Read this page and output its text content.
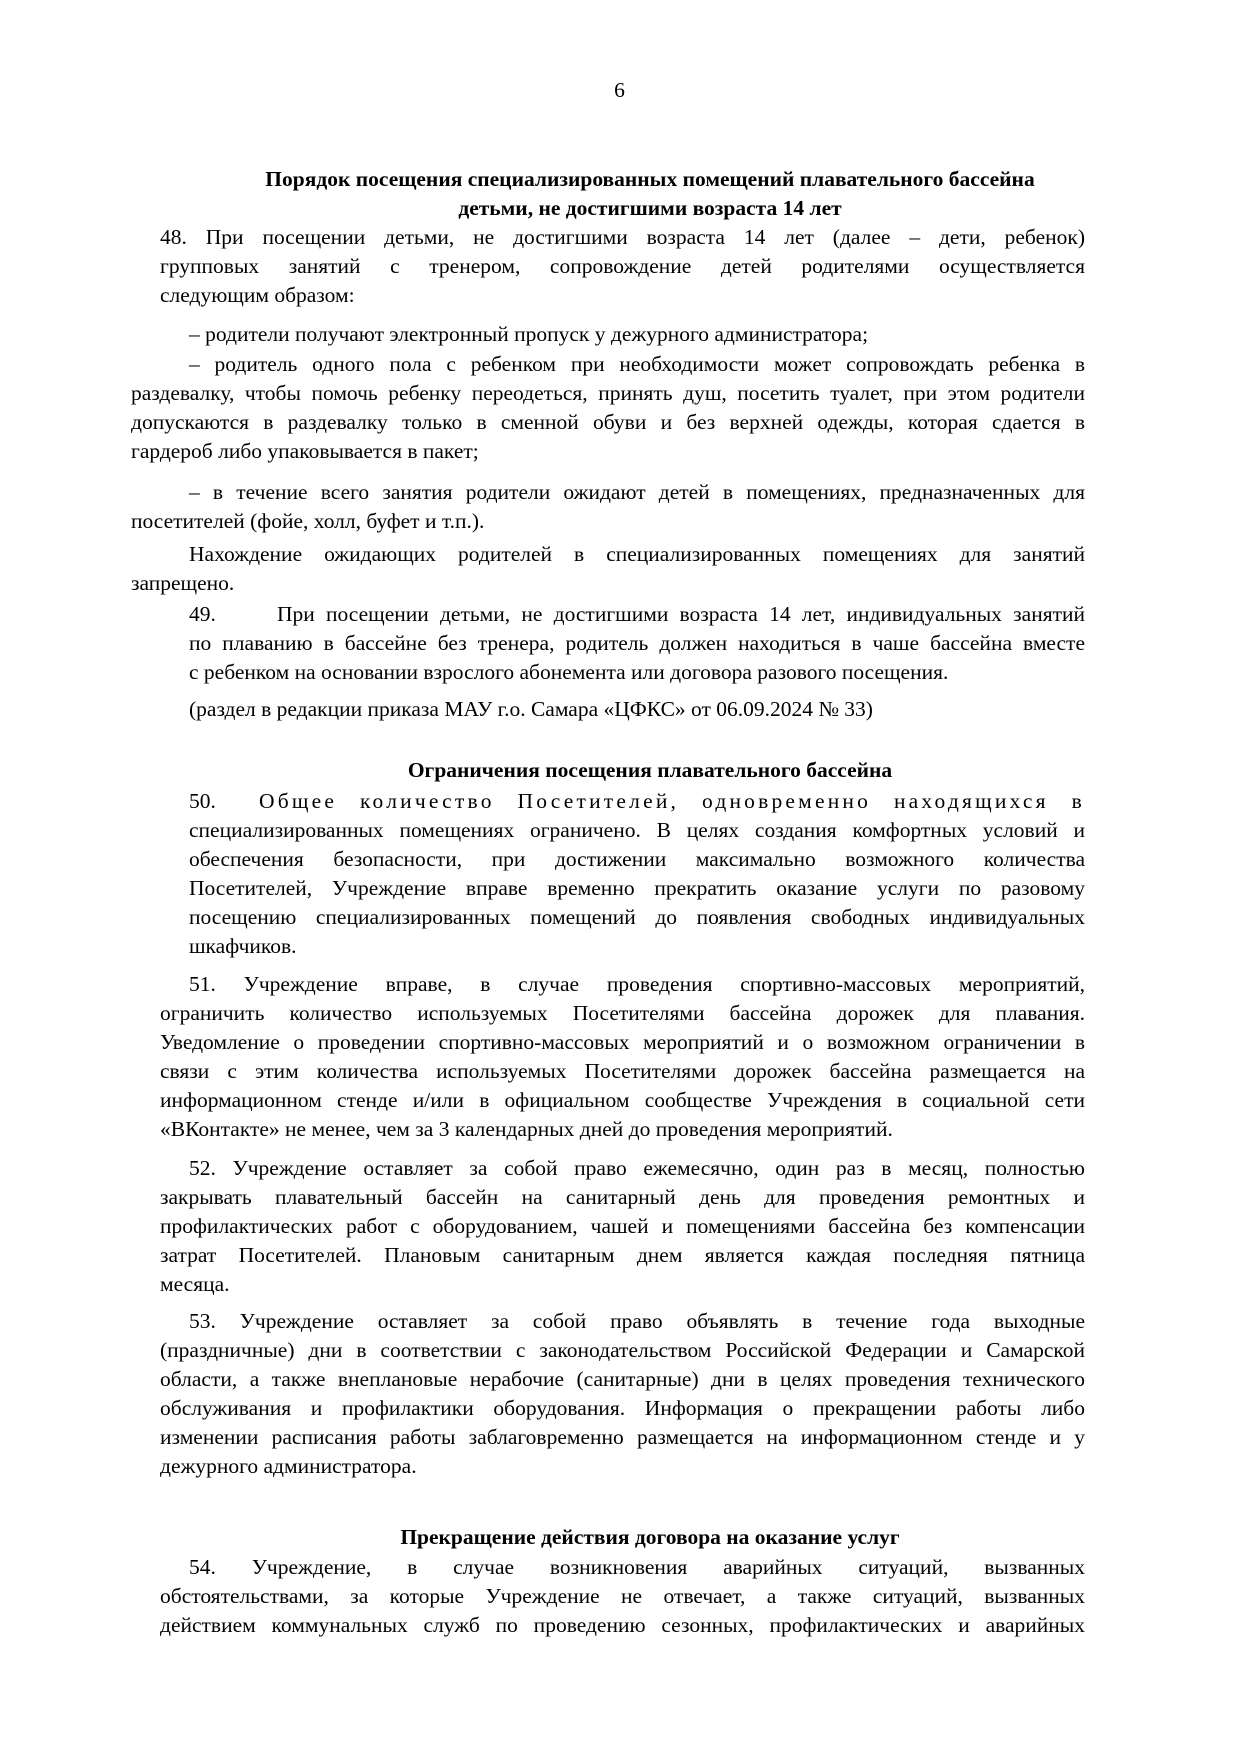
6
Порядок посещения специализированных помещений плавательного бассейна
детьми, не достигшими возраста 14 лет
48. При посещении детьми, не достигшими возраста 14 лет (далее – дети, ребенок)
групповых занятий с тренером, сопровождение детей родителями осуществляется
следующим образом:
– родители получают электронный пропуск у дежурного администратора;
– родитель одного пола с ребенком при необходимости может сопровождать ребенка в
раздевалку, чтобы помочь ребенку переодеться, принять душ, посетить туалет, при этом родители
допускаются в раздевалку только в сменной обуви и без верхней одежды, которая сдается в
гардероб либо упаковывается в пакет;
– в течение всего занятия родители ожидают детей в помещениях, предназначенных для
посетителей (фойе, холл, буфет и т.п.).
Нахождение ожидающих родителей в специализированных помещениях для занятий
запрещено.
49.	При посещении детьми, не достигшими возраста 14 лет, индивидуальных занятий
по плаванию в бассейне без тренера, родитель должен находиться в чаше бассейна вместе
с ребенком на основании взрослого абонемента или договора разового посещения.
(раздел в редакции приказа МАУ г.о. Самара «ЦФКС» от 06.09.2024 № 33)
Ограничения посещения плавательного бассейна
50. Общее количество Посетителей, одновременно находящихся в
специализированных помещениях ограничено. В целях создания комфортных условий и
обеспечения безопасности, при достижении максимально возможного количества
Посетителей, Учреждение вправе временно прекратить оказание услуги по разовому
посещению специализированных помещений до появления свободных индивидуальных
шкафчиков.
51. Учреждение вправе, в случае проведения спортивно-массовых мероприятий,
ограничить количество используемых Посетителями бассейна дорожек для плавания.
Уведомление о проведении спортивно-массовых мероприятий и о возможном ограничении в
связи с этим количества используемых Посетителями дорожек бассейна размещается на
информационном стенде и/или в официальном сообществе Учреждения в социальной сети
«ВКонтакте» не менее, чем за 3 календарных дней до проведения мероприятий.
52. Учреждение оставляет за собой право ежемесячно, один раз в месяц, полностью
закрывать плавательный бассейн на санитарный день для проведения ремонтных и
профилактических работ с оборудованием, чашей и помещениями бассейна без компенсации
затрат Посетителей. Плановым санитарным днем является каждая последняя пятница
месяца.
53. Учреждение оставляет за собой право объявлять в течение года выходные
(праздничные) дни в соответствии с законодательством Российской Федерации и Самарской
области, а также внеплановые нерабочие (санитарные) дни в целях проведения технического
обслуживания и профилактики оборудования. Информация о прекращении работы либо
изменении расписания работы заблаговременно размещается на информационном стенде и у
дежурного администратора.
Прекращение действия договора на оказание услуг
54. Учреждение, в случае возникновения аварийных ситуаций, вызванных
обстоятельствами, за которые Учреждение не отвечает, а также ситуаций, вызванных
действием коммунальных служб по проведению сезонных, профилактических и аварийных
